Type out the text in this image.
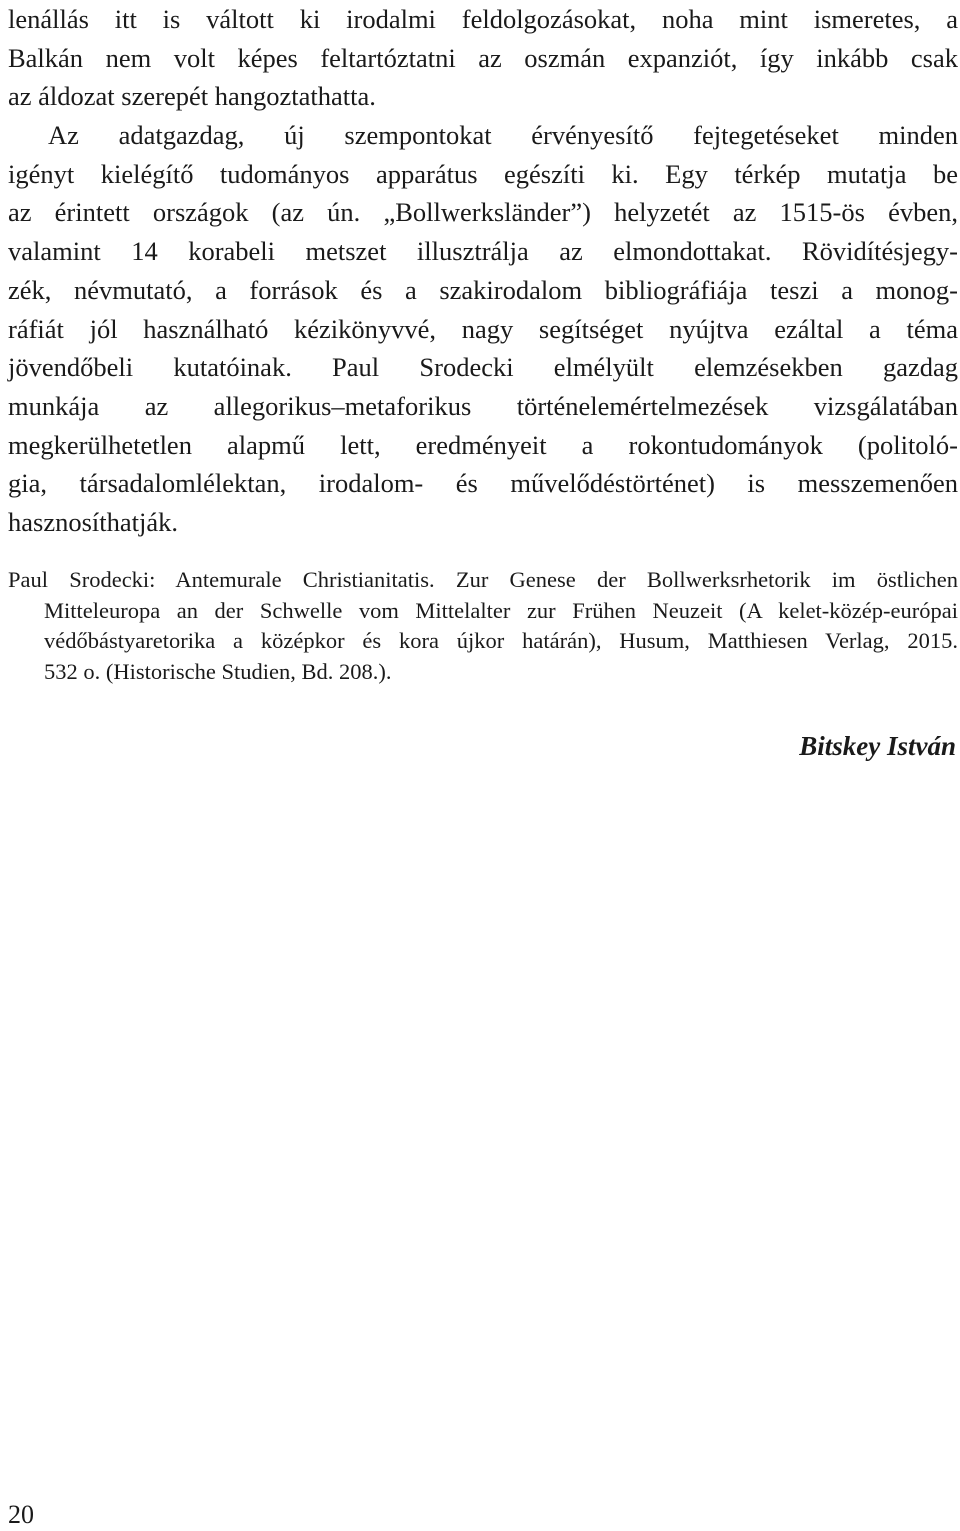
lenállás itt is váltott ki irodalmi feldolgozásokat, noha mint ismeretes, a
Balkán nem volt képes feltartóztatni az oszmán expanziót, így inkább csak
az áldozat szerepét hangoztathatta.
Az adatgazdag, új szempontokat érvényesítő fejtegetéseket minden
igényt kielégítő tudományos apparátus egészíti ki. Egy térkép mutatja be
az érintett országok (az ún. „Bollwerksländer”) helyzetét az 1515-ös évben,
valamint 14 korabeli metszet illusztrálja az elmondottakat. Rövidítésjegy-
zék, névmutató, a források és a szakirodalom bibliográfiája teszi a monog-
ráfiát jól használható kézikönyvvé, nagy segítséget nyújtva ezáltal a téma
jövendőbeli kutatóinak. Paul Srodecki elmélyült elemzésekben gazdag
munkája az allegorikus–metaforikus történelemértelmezések vizsgálatában
megkerülhetetlen alapmű lett, eredményeit a rokontudományok (politoló-
gia, társadalomlélektan, irodalom- és művelődéstörténet) is messzemenően
hasznosíthatják.
Paul Srodecki: Antemurale Christianitatis. Zur Genese der Bollwerksrhetorik im östlichen
Mitteleuropa an der Schwelle vom Mittelalter zur Frühen Neuzeit (A kelet-közép-európai
védőbástyaretorika a középkor és kora újkor határán), Husum, Matthiesen Verlag, 2015.
532 o. (Historische Studien, Bd. 208.).
Bitskey István
20
